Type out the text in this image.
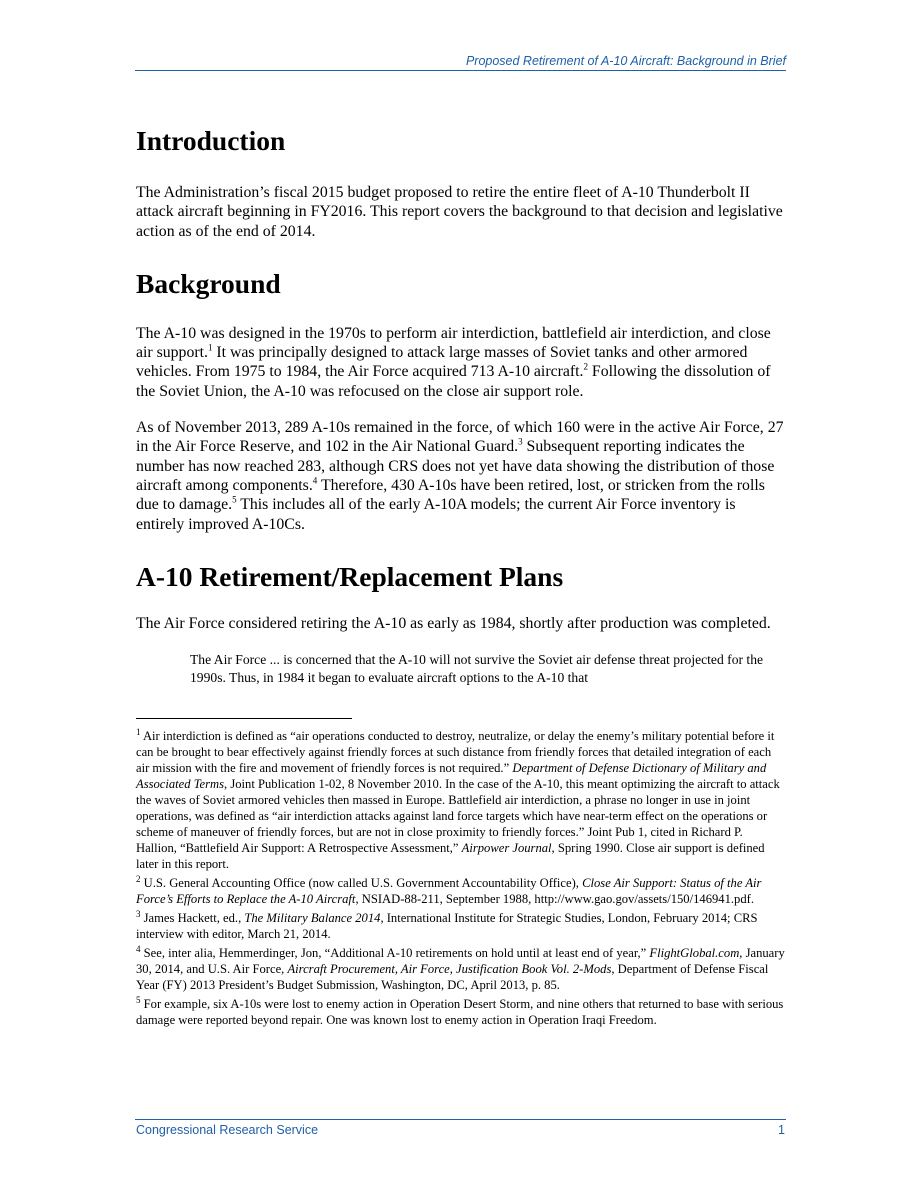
Proposed Retirement of A-10 Aircraft: Background in Brief
Introduction

The Administration’s fiscal 2015 budget proposed to retire the entire fleet of A-10 Thunderbolt II attack aircraft beginning in FY2016. This report covers the background to that decision and legislative action as of the end of 2014.

Background

The A-10 was designed in the 1970s to perform air interdiction, battlefield air interdiction, and close air support.$^1$ It was principally designed to attack large masses of Soviet tanks and other armored vehicles. From 1975 to 1984, the Air Force acquired 713 A-10 aircraft.$^2$ Following the dissolution of the Soviet Union, the A-10 was refocused on the close air support role.

As of November 2013, 289 A-10s remained in the force, of which 160 were in the active Air Force, 27 in the Air Force Reserve, and 102 in the Air National Guard.$^3$ Subsequent reporting indicates the number has now reached 283, although CRS does not yet have data showing the distribution of those aircraft among components.$^4$ Therefore, 430 A-10s have been retired, lost, or stricken from the rolls due to damage.$^5$ This includes all of the early A-10A models; the current Air Force inventory is entirely improved A-10Cs.

A-10 Retirement/Replacement Plans

The Air Force considered retiring the A-10 as early as 1984, shortly after production was completed.

The Air Force ... is concerned that the A-10 will not survive the Soviet air defense threat projected for the 1990s. Thus, in 1984 it began to evaluate aircraft options to the A-10 that

$^1$ Air interdiction is defined as “air operations conducted to destroy, neutralize, or delay the enemy’s military potential before it can be brought to bear effectively against friendly forces at such distance from friendly forces that detailed integration of each air mission with the fire and movement of friendly forces is not required.” Department of Defense Dictionary of Military and Associated Terms, Joint Publication 1-02, 8 November 2010. In the case of the A-10, this meant optimizing the aircraft to attack the waves of Soviet armored vehicles then massed in Europe. Battlefield air interdiction, a phrase no longer in use in joint operations, was defined as “air interdiction attacks against land force targets which have near-term effect on the operations or scheme of maneuver of friendly forces, but are not in close proximity to friendly forces.” Joint Pub 1, cited in Richard P. Hallion, “Battlefield Air Support: A Retrospective Assessment,” Airpower Journal, Spring 1990. Close air support is defined later in this report.

$^2$ U.S. General Accounting Office (now called U.S. Government Accountability Office), Close Air Support: Status of the Air Force’s Efforts to Replace the A-10 Aircraft, NSIAD-88-211, September 1988, http://www.gao.gov/assets/150/146941.pdf.

$^3$ James Hackett, ed., The Military Balance 2014, International Institute for Strategic Studies, London, February 2014; CRS interview with editor, March 21, 2014.

$^4$ See, inter alia, Hemmerdinger, Jon, “Additional A-10 retirements on hold until at least end of year,” FlightGlobal.com, January 30, 2014, and U.S. Air Force, Aircraft Procurement, Air Force, Justification Book Vol. 2-Mods, Department of Defense Fiscal Year (FY) 2013 President’s Budget Submission, Washington, DC, April 2013, p. 85.

$^5$ For example, six A-10s were lost to enemy action in Operation Desert Storm, and nine others that returned to base with serious damage were reported beyond repair. One was known lost to enemy action in Operation Iraqi Freedom.

Congressional Research Service	1
